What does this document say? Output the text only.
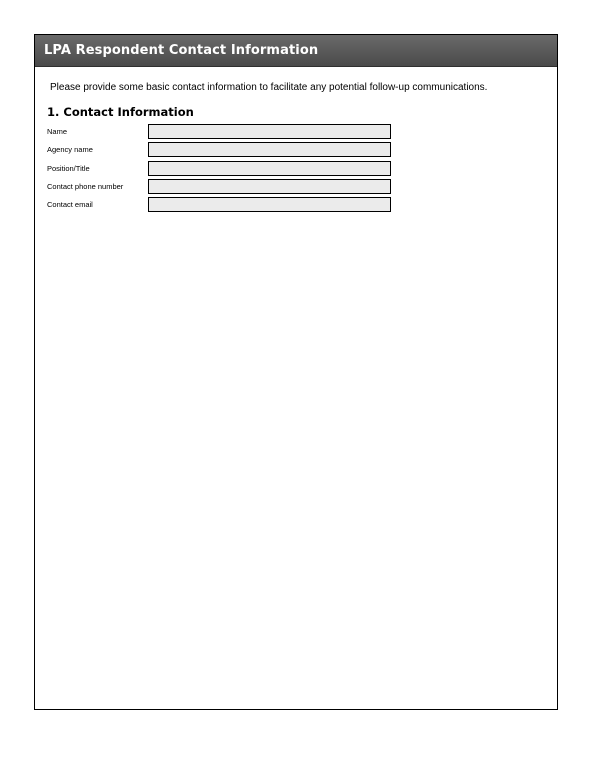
LPA Respondent Contact Information
Please provide some basic contact information to facilitate any potential follow-up communications.
1. Contact Information
Name
Agency name
Position/Title
Contact phone number
Contact email
